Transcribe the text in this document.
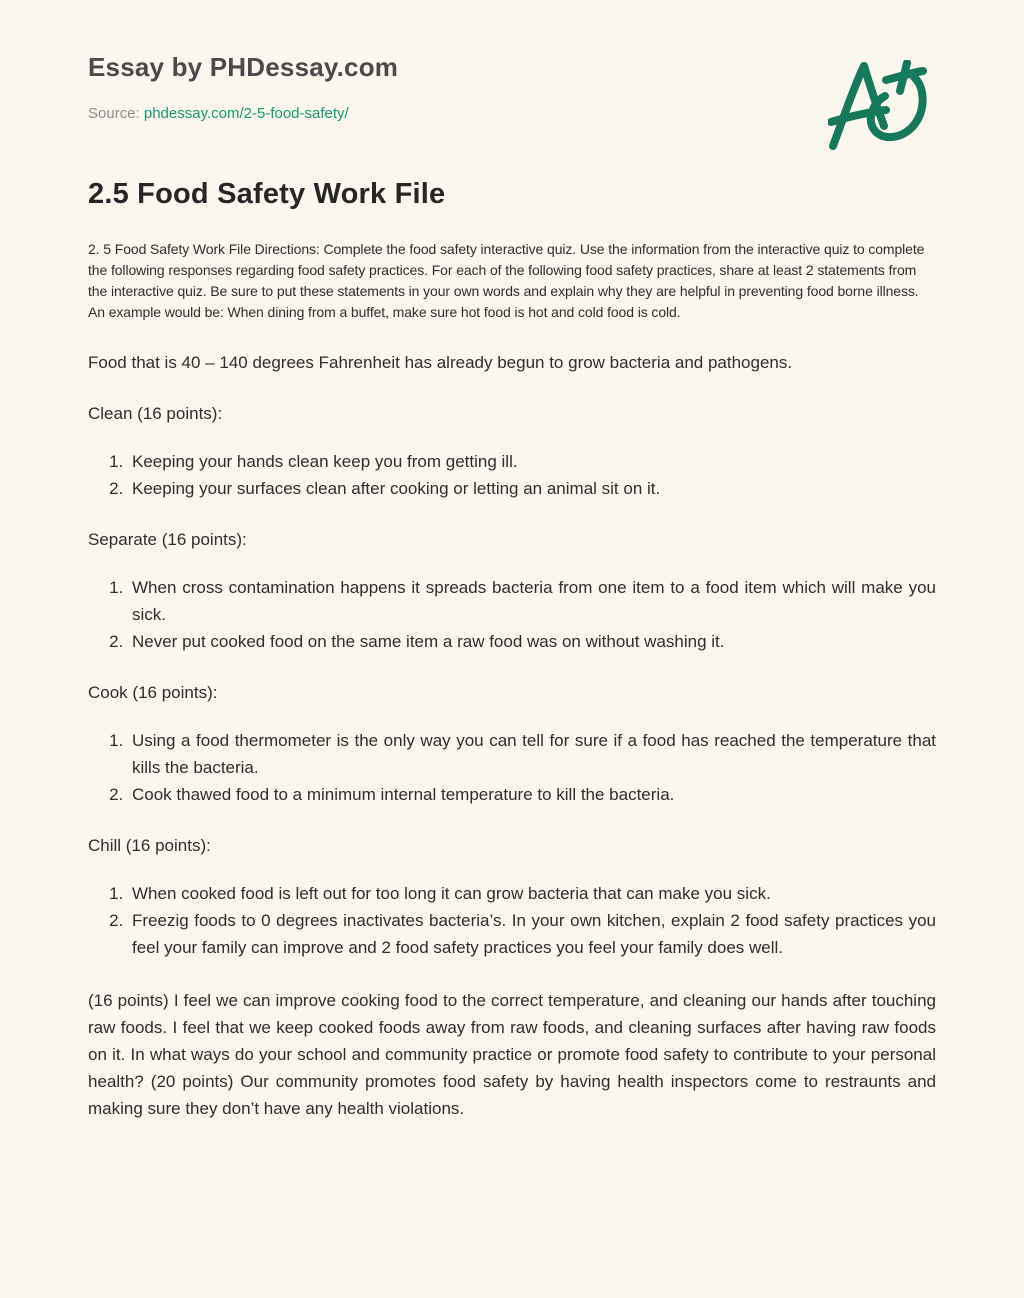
Essay by PHDessay.com

Source: phdessay.com/2-5-food-safety/

2.5 Food Safety Work File

2. 5 Food Safety Work File Directions: Complete the food safety interactive quiz. Use the information from the interactive quiz to complete the following responses regarding food safety practices. For each of the following food safety practices, share at least 2 statements from the interactive quiz. Be sure to put these statements in your own words and explain why they are helpful in preventing food borne illness. An example would be: When dining from a buffet, make sure hot food is hot and cold food is cold.

Food that is 40 – 140 degrees Fahrenheit has already begun to grow bacteria and pathogens.

Clean (16 points):

1. Keeping your hands clean keep you from getting ill.
2. Keeping your surfaces clean after cooking or letting an animal sit on it.

Separate (16 points):

1. When cross contamination happens it spreads bacteria from one item to a food item which will make you sick.
2. Never put cooked food on the same item a raw food was on without washing it.

Cook (16 points):

1. Using a food thermometer is the only way you can tell for sure if a food has reached the temperature that kills the bacteria.
2. Cook thawed food to a minimum internal temperature to kill the bacteria.

Chill (16 points):

1. When cooked food is left out for too long it can grow bacteria that can make you sick.
2. Freezig foods to 0 degrees inactivates bacteria’s. In your own kitchen, explain 2 food safety practices you feel your family can improve and 2 food safety practices you feel your family does well.

(16 points) I feel we can improve cooking food to the correct temperature, and cleaning our hands after touching raw foods. I feel that we keep cooked foods away from raw foods, and cleaning surfaces after having raw foods on it. In what ways do your school and community practice or promote food safety to contribute to your personal health? (20 points) Our community promotes food safety by having health inspectors come to restraunts and making sure they don’t have any health violations.
